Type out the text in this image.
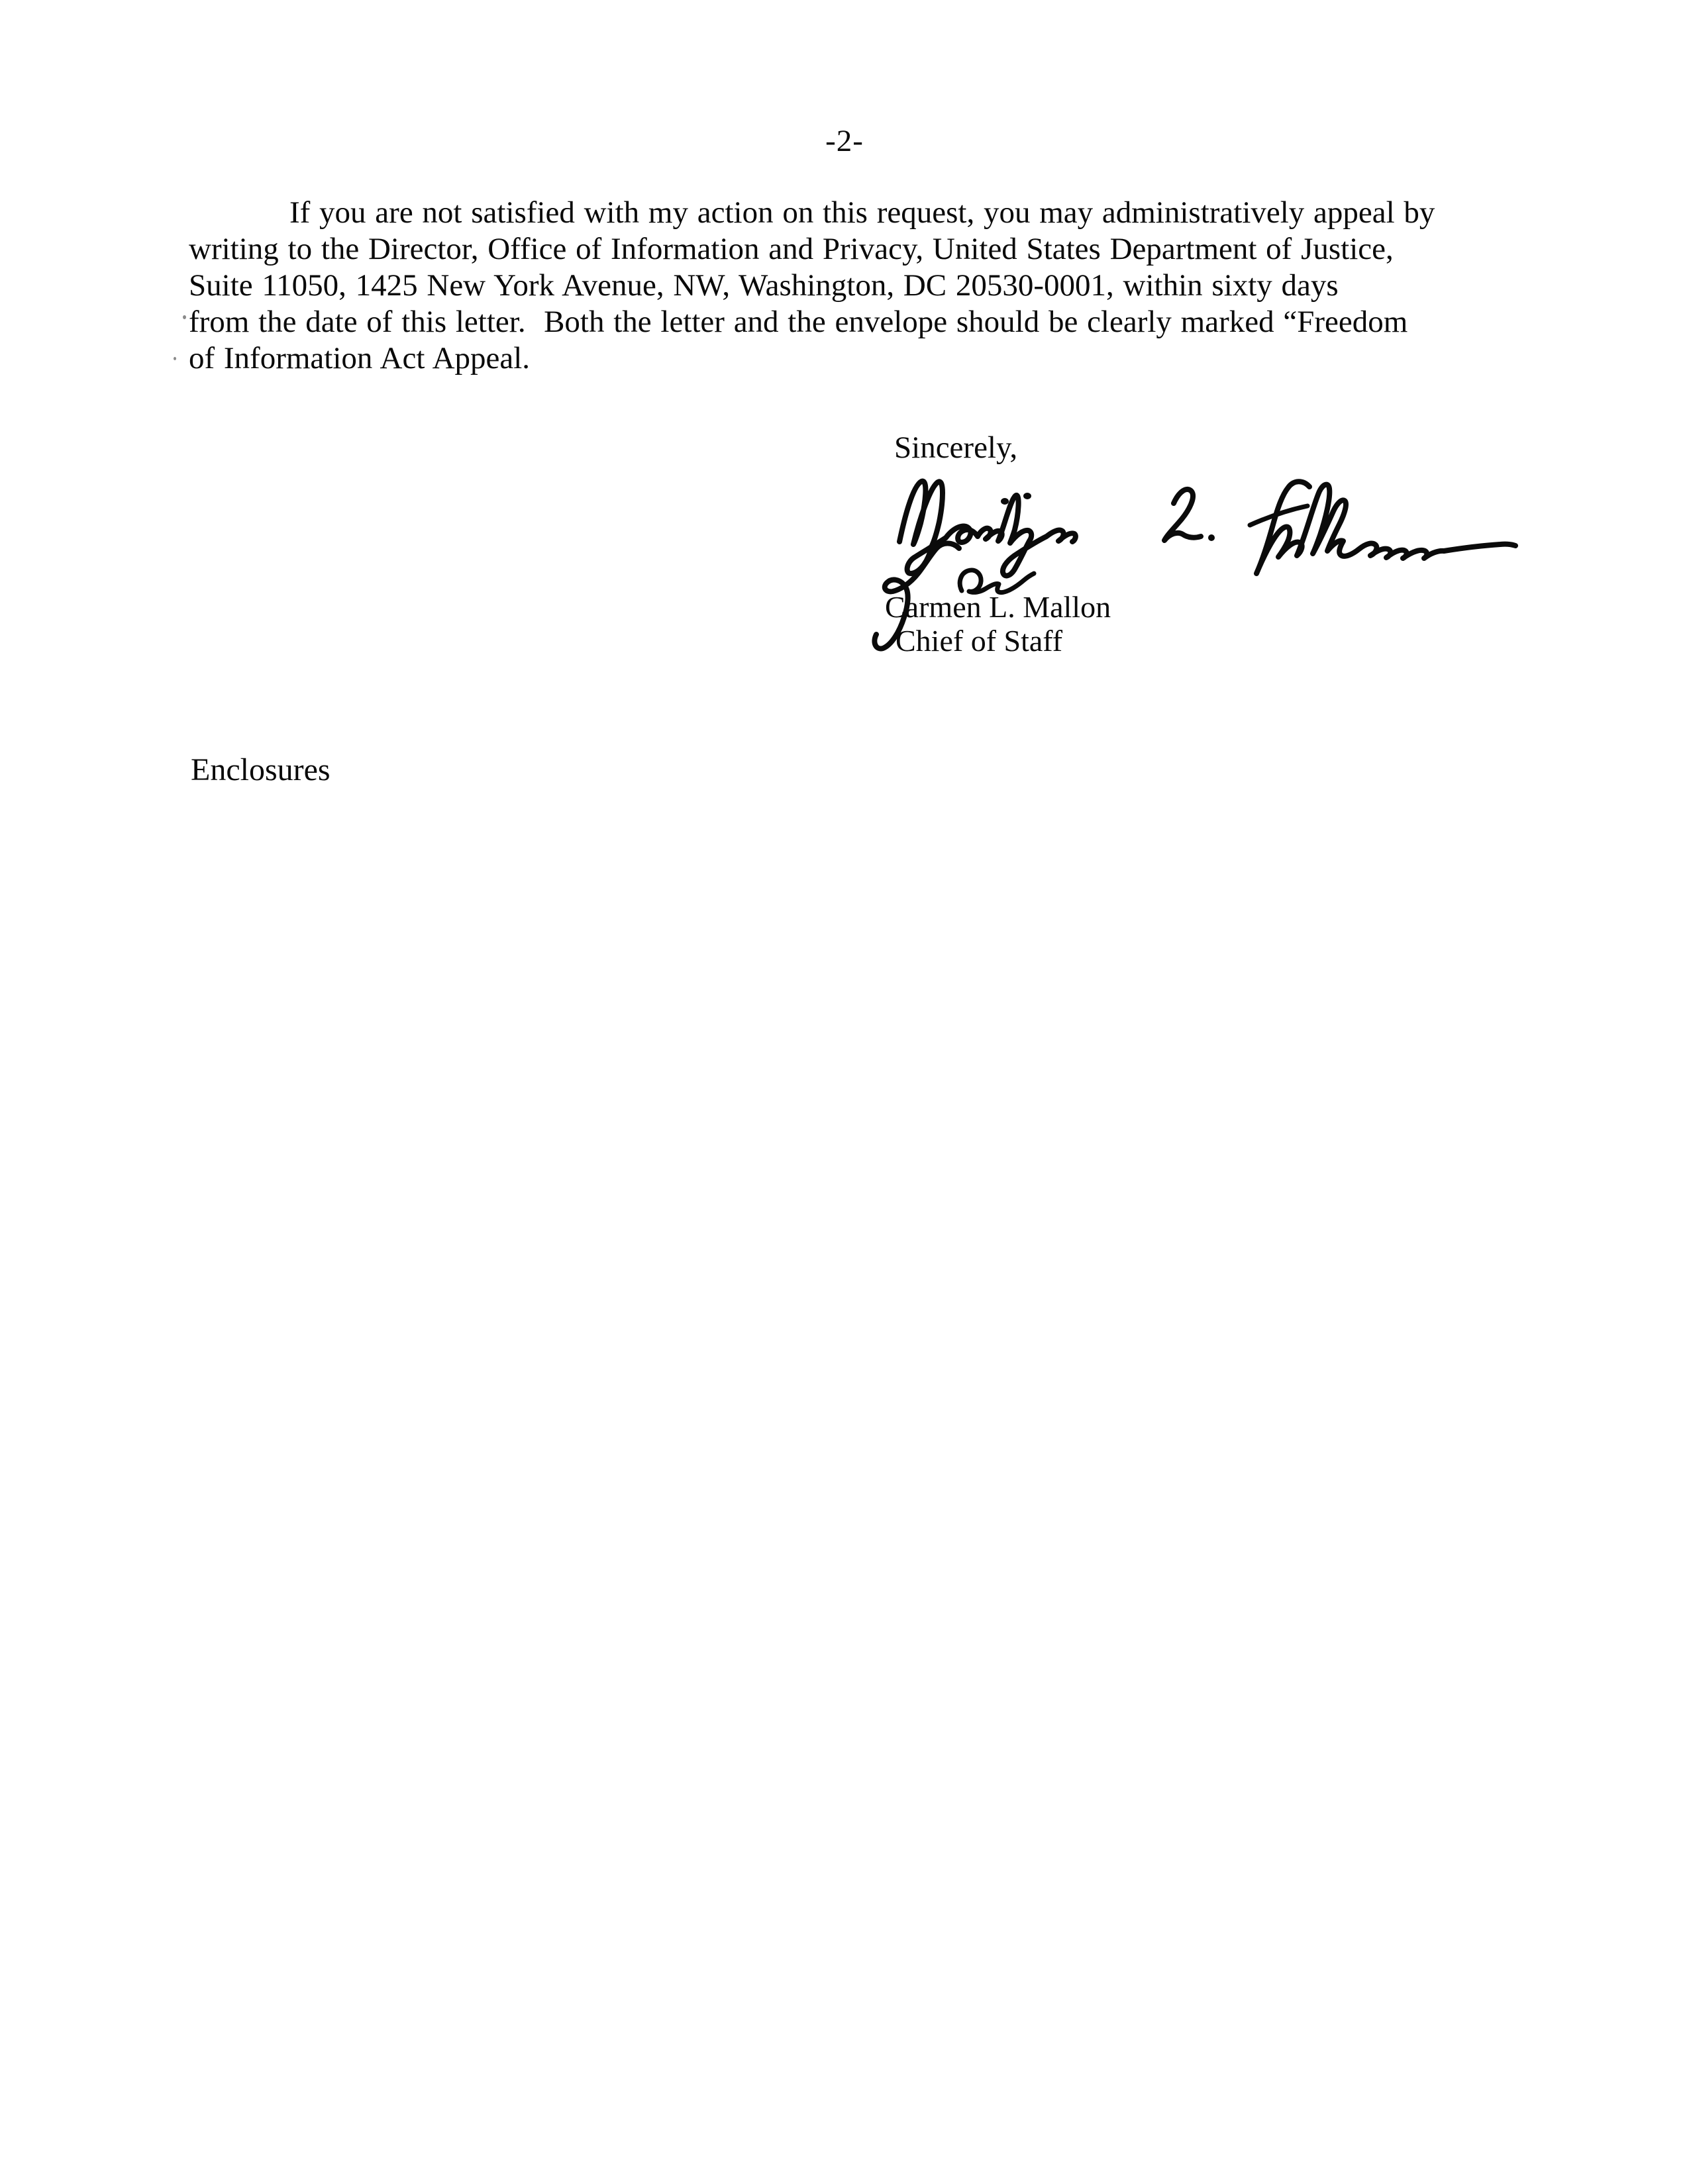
-2-
If you are not satisfied with my action on this request, you may administratively appeal by
writing to the Director, Office of Information and Privacy, United States Department of Justice,
Suite 11050, 1425 New York Avenue, NW, Washington, DC 20530-0001, within sixty days
from the date of this letter.  Both the letter and the envelope should be clearly marked “Freedom
of Information Act Appeal.
Sincerely,
Carmen L. Mallon
Chief of Staff
Enclosures
